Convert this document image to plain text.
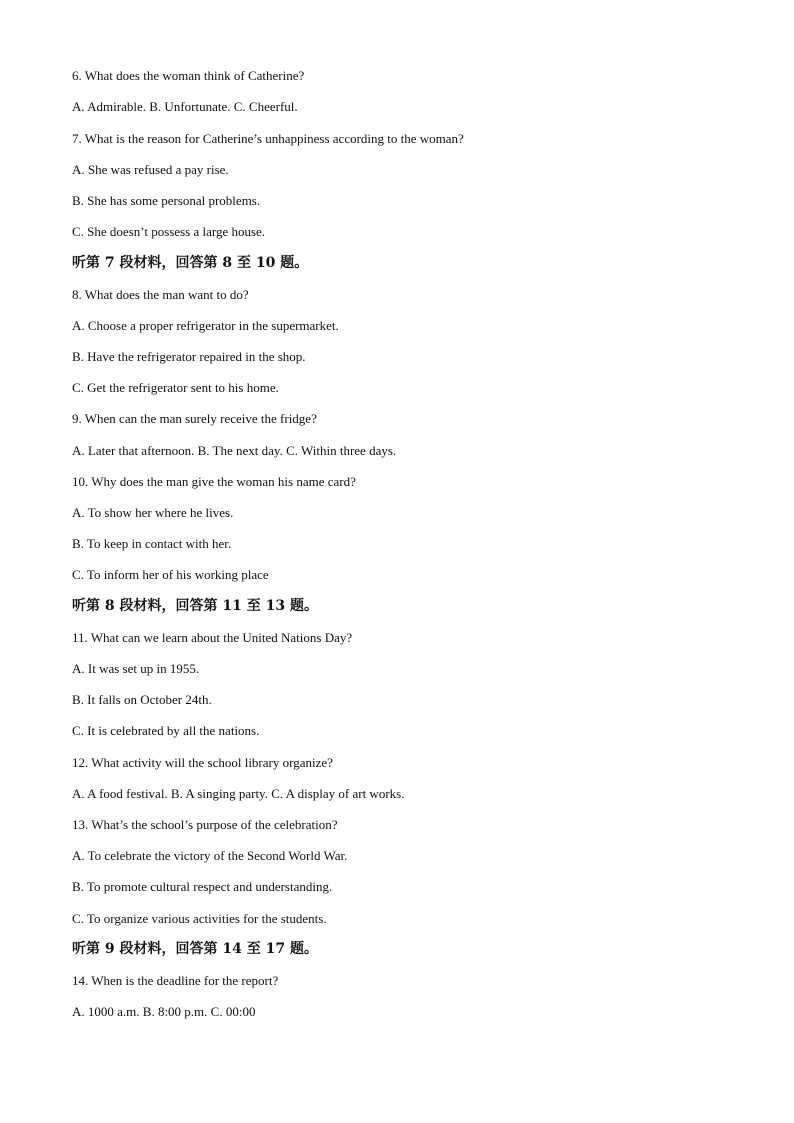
6. What does the woman think of Catherine?
A. Admirable. B. Unfortunate. C. Cheerful.
7. What is the reason for Catherine’s unhappiness according to the woman?
A. She was refused a pay rise.
B. She has some personal problems.
C. She doesn’t possess a large house.
听第 7 段材料，回答第 8 至 10 题。
8. What does the man want to do?
A. Choose a proper refrigerator in the supermarket.
B. Have the refrigerator repaired in the shop.
C. Get the refrigerator sent to his home.
9. When can the man surely receive the fridge?
A. Later that afternoon. B. The next day. C. Within three days.
10. Why does the man give the woman his name card?
A. To show her where he lives.
B. To keep in contact with her.
C. To inform her of his working place
听第 8 段材料，回答第 11 至 13 题。
11. What can we learn about the United Nations Day?
A. It was set up in 1955.
B. It falls on October 24th.
C. It is celebrated by all the nations.
12. What activity will the school library organize?
A. A food festival. B. A singing party. C. A display of art works.
13. What’s the school’s purpose of the celebration?
A. To celebrate the victory of the Second World War.
B. To promote cultural respect and understanding.
C. To organize various activities for the students.
听第 9 段材料，回答第 14 至 17 题。
14. When is the deadline for the report?
A. 1000 a.m. B. 8:00 p.m. C. 00:00
